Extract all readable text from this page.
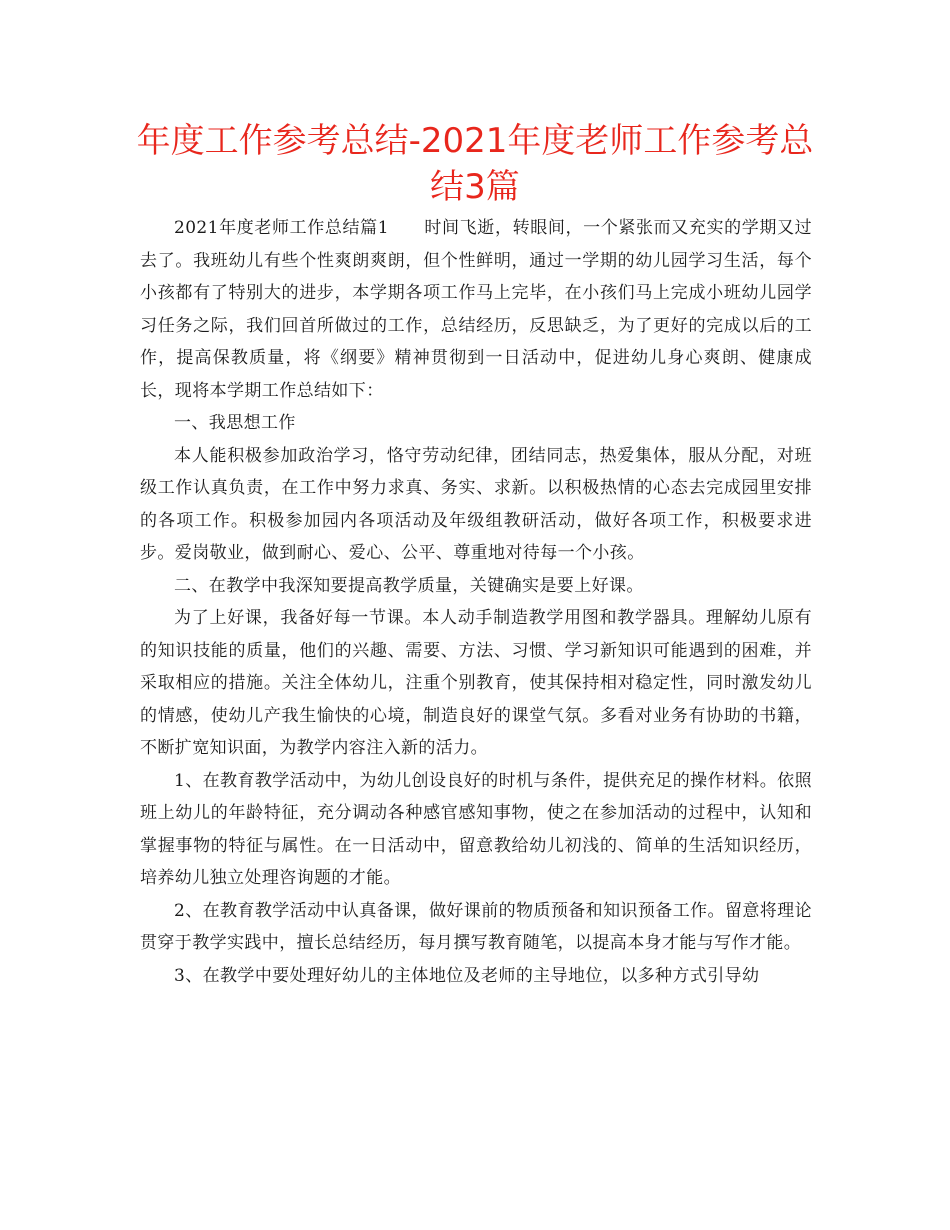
年度工作参考总结-2021年度老师工作参考总结3篇

2021年度老师工作总结篇1　　时间飞逝，转眼间，一个紧张而又充实的学期又过去了。我班幼儿有些个性爽朗爽朗，但个性鲜明，通过一学期的幼儿园学习生活，每个小孩都有了特别大的进步，本学期各项工作马上完毕，在小孩们马上完成小班幼儿园学习任务之际，我们回首所做过的工作，总结经历，反思缺乏，为了更好的完成以后的工作，提高保教质量，将《纲要》精神贯彻到一日活动中，促进幼儿身心爽朗、健康成长，现将本学期工作总结如下：

一、我思想工作

本人能积极参加政治学习，恪守劳动纪律，团结同志，热爱集体，服从分配，对班级工作认真负责，在工作中努力求真、务实、求新。以积极热情的心态去完成园里安排的各项工作。积极参加园内各项活动及年级组教研活动，做好各项工作，积极要求进步。爱岗敬业，做到耐心、爱心、公平、尊重地对待每一个小孩。

二、在教学中我深知要提高教学质量，关键确实是要上好课。

为了上好课，我备好每一节课。本人动手制造教学用图和教学器具。理解幼儿原有的知识技能的质量，他们的兴趣、需要、方法、习惯、学习新知识可能遇到的困难，并采取相应的措施。关注全体幼儿，注重个别教育，使其保持相对稳定性，同时激发幼儿的情感，使幼儿产我生愉快的心境，制造良好的课堂气氛。多看对业务有协助的书籍，不断扩宽知识面，为教学内容注入新的活力。

1、在教育教学活动中，为幼儿创设良好的时机与条件，提供充足的操作材料。依照班上幼儿的年龄特征，充分调动各种感官感知事物，使之在参加活动的过程中，认知和掌握事物的特征与属性。在一日活动中，留意教给幼儿初浅的、简单的生活知识经历，培养幼儿独立处理咨询题的才能。

2、在教育教学活动中认真备课，做好课前的物质预备和知识预备工作。留意将理论贯穿于教学实践中，擅长总结经历，每月撰写教育随笔，以提高本身才能与写作才能。

3、在教学中要处理好幼儿的主体地位及老师的主导地位，以多种方式引导幼
